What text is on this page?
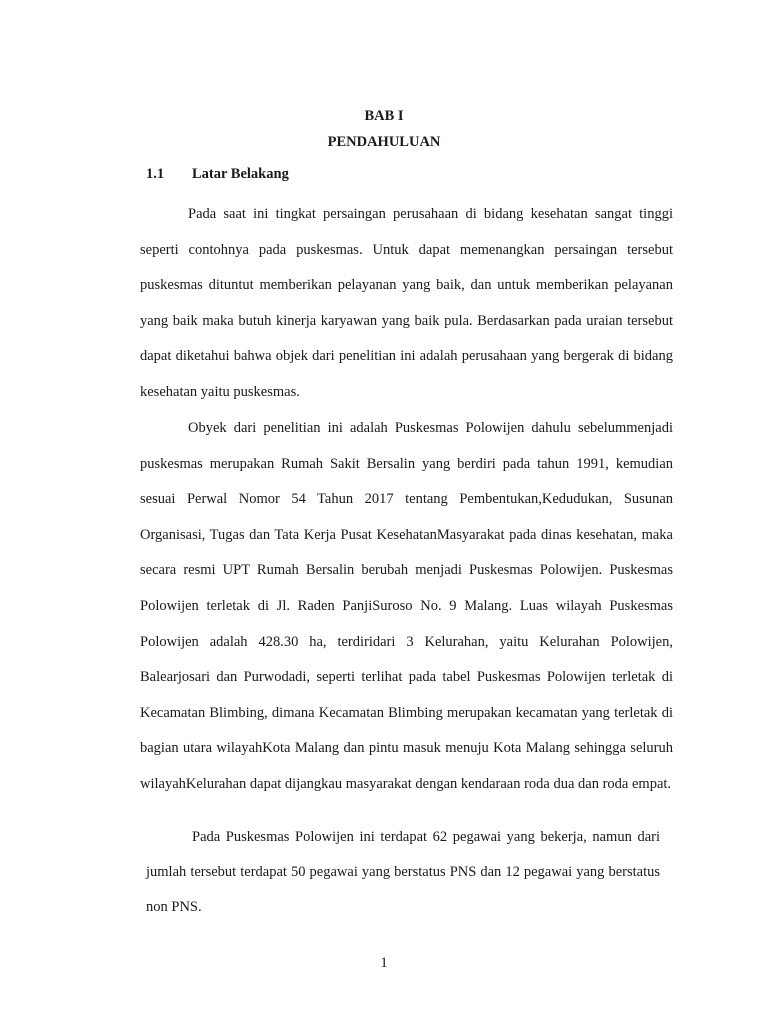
BAB I
PENDAHULUAN
1.1 Latar Belakang

Pada saat ini tingkat persaingan perusahaan di bidang kesehatan sangat tinggi seperti contohnya pada puskesmas. Untuk dapat memenangkan persaingan tersebut puskesmas dituntut memberikan pelayanan yang baik, dan untuk memberikan pelayanan yang baik maka butuh kinerja karyawan yang baik pula. Berdasarkan pada uraian tersebut dapat diketahui bahwa objek dari penelitian ini adalah perusahaan yang bergerak di bidang kesehatan yaitu puskesmas.

Obyek dari penelitian ini adalah Puskesmas Polowijen dahulu sebelummenjadi puskesmas merupakan Rumah Sakit Bersalin yang berdiri pada tahun 1991, kemudian sesuai Perwal Nomor 54 Tahun 2017 tentang Pembentukan,Kedudukan, Susunan Organisasi, Tugas dan Tata Kerja Pusat KesehatanMasyarakat pada dinas kesehatan, maka secara resmi UPT Rumah Bersalin berubah menjadi Puskesmas Polowijen. Puskesmas Polowijen terletak di Jl. Raden PanjiSuroso No. 9 Malang. Luas wilayah Puskesmas Polowijen adalah 428.30 ha, terdiridari 3 Kelurahan, yaitu Kelurahan Polowijen, Balearjosari dan Purwodadi, seperti terlihat pada tabel Puskesmas Polowijen terletak di Kecamatan Blimbing, dimana Kecamatan Blimbing merupakan kecamatan yang terletak di bagian utara wilayahKota Malang dan pintu masuk menuju Kota Malang sehingga seluruh wilayahKelurahan dapat dijangkau masyarakat dengan kendaraan roda dua dan roda empat.

Pada Puskesmas Polowijen ini terdapat 62 pegawai yang bekerja, namun dari jumlah tersebut terdapat 50 pegawai yang berstatus PNS dan 12 pegawai yang berstatus non PNS.

1
